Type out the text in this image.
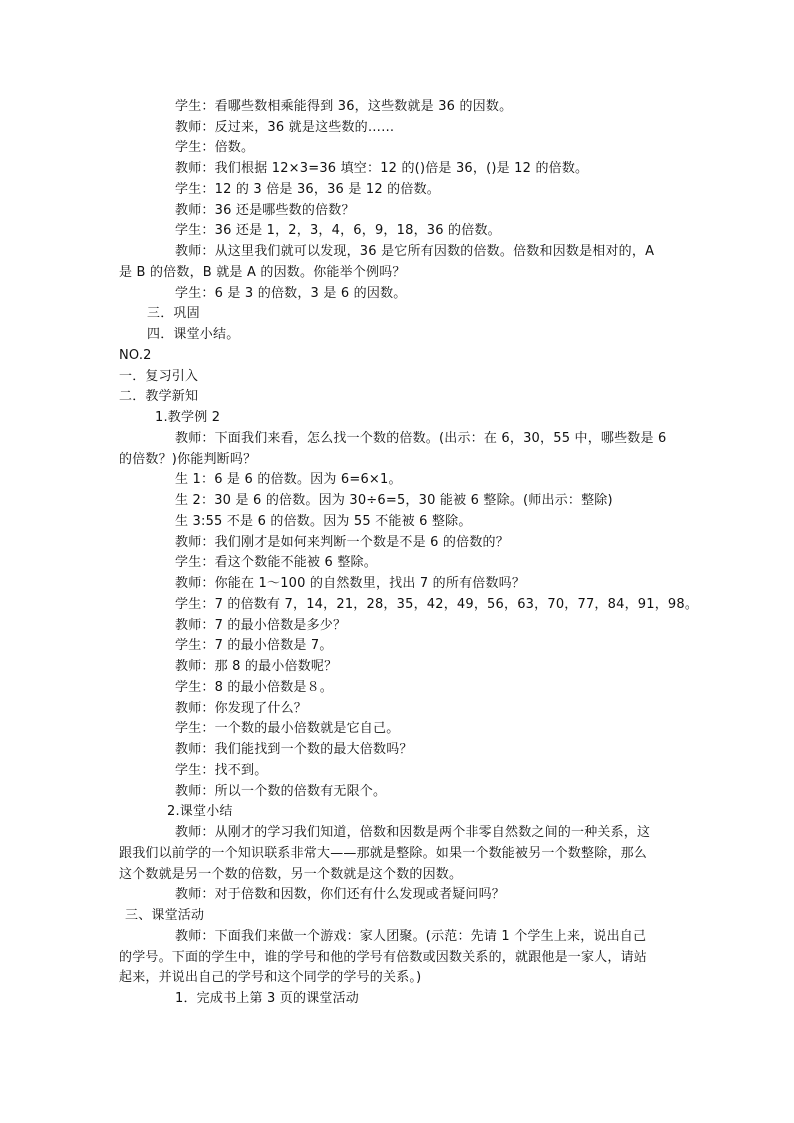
学生：看哪些数相乘能得到 36，这些数就是 36 的因数。
教师：反过来，36 就是这些数的……
学生：倍数。
教师：我们根据 12×3=36 填空：12 的()倍是 36，()是 12 的倍数。
学生：12 的 3 倍是 36，36 是 12 的倍数。
教师：36 还是哪些数的倍数？
学生：36 还是 1，2，3，4，6，9，18，36 的倍数。
教师：从这里我们就可以发现，36 是它所有因数的倍数。倍数和因数是相对的，A
是 B 的倍数，B 就是 A 的因数。你能举个例吗？
学生：6 是 3 的倍数，3 是 6 的因数。
三．巩固
四．课堂小结。
NO.2
一．复习引入
二．教学新知
1.教学例 2
教师：下面我们来看，怎么找一个数的倍数。(出示：在 6，30，55 中，哪些数是 6
的倍数？)你能判断吗？
生 1：6 是 6 的倍数。因为 6=6×1。
生 2：30 是 6 的倍数。因为 30÷6=5，30 能被 6 整除。(师出示：整除)
生 3:55 不是 6 的倍数。因为 55 不能被 6 整除。
教师：我们刚才是如何来判断一个数是不是 6 的倍数的？
学生：看这个数能不能被 6 整除。
教师：你能在 1～100 的自然数里，找出 7 的所有倍数吗？
学生：7 的倍数有 7，14，21，28，35，42，49，56，63，70，77，84，91，98。
教师：7 的最小倍数是多少？
学生：7 的最小倍数是 7。
教师：那 8 的最小倍数呢？
学生：8 的最小倍数是８。
教师：你发现了什么？
学生：一个数的最小倍数就是它自己。
教师：我们能找到一个数的最大倍数吗？
学生：找不到。
教师：所以一个数的倍数有无限个。
2.课堂小结
教师：从刚才的学习我们知道，倍数和因数是两个非零自然数之间的一种关系，这
跟我们以前学的一个知识联系非常大——那就是整除。如果一个数能被另一个数整除，那么
这个数就是另一个数的倍数，另一个数就是这个数的因数。
教师：对于倍数和因数，你们还有什么发现或者疑问吗？
三、课堂活动
教师：下面我们来做一个游戏：家人团聚。(示范：先请 1 个学生上来，说出自己
的学号。下面的学生中，谁的学号和他的学号有倍数或因数关系的，就跟他是一家人，请站
起来，并说出自己的学号和这个同学的学号的关系。)
1．完成书上第 3 页的课堂活动
